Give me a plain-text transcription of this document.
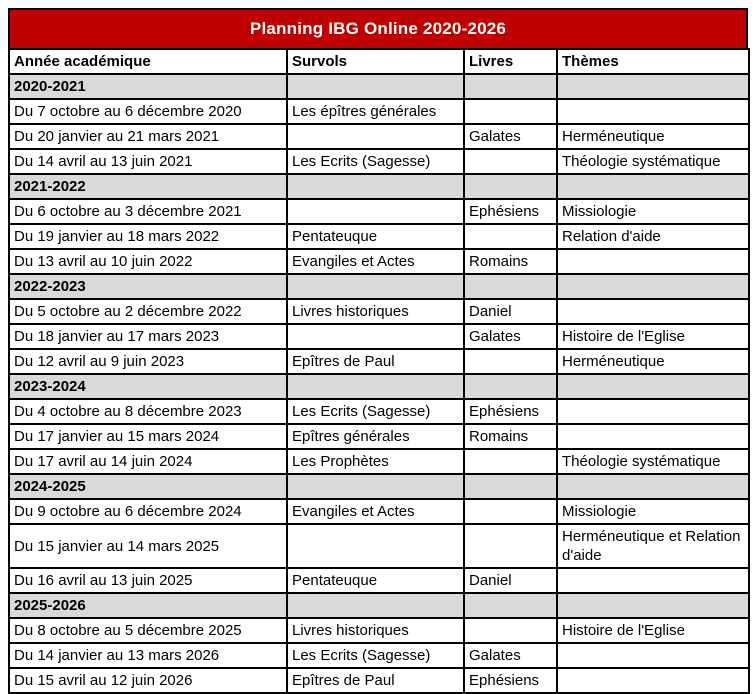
Planning IBG Online 2020-2026
Année académique	Survols	Livres	Thèmes
2020-2021			
Du 7 octobre au 6 décembre 2020	Les épîtres générales		
Du 20 janvier au 21 mars 2021		Galates	Herméneutique
Du 14 avril au 13 juin 2021	Les Ecrits (Sagesse)		Théologie systématique
2021-2022			
Du 6 octobre au 3 décembre 2021		Ephésiens	Missiologie
Du 19 janvier au 18 mars 2022	Pentateuque		Relation d'aide
Du 13 avril au 10 juin 2022	Evangiles et Actes	Romains	
2022-2023			
Du 5 octobre au 2 décembre 2022	Livres historiques	Daniel	
Du 18 janvier au 17 mars 2023		Galates	Histoire de l'Eglise
Du 12 avril au 9 juin 2023	Epîtres de Paul		Herméneutique
2023-2024			
Du 4 octobre au 8 décembre 2023	Les Ecrits (Sagesse)	Ephésiens	
Du 17 janvier au 15 mars 2024	Epîtres générales	Romains	
Du 17 avril au 14 juin 2024	Les Prophètes		Théologie systématique
2024-2025			
Du 9 octobre au 6 décembre 2024	Evangiles et Actes		Missiologie
Du 15 janvier au 14 mars 2025			Herméneutique et Relation d'aide
Du 16 avril au 13 juin 2025	Pentateuque	Daniel	
2025-2026			
Du 8 octobre au 5 décembre 2025	Livres historiques		Histoire de l'Eglise
Du 14 janvier au 13 mars 2026	Les Ecrits (Sagesse)	Galates	
Du 15 avril au 12 juin 2026	Epîtres de Paul	Ephésiens	
